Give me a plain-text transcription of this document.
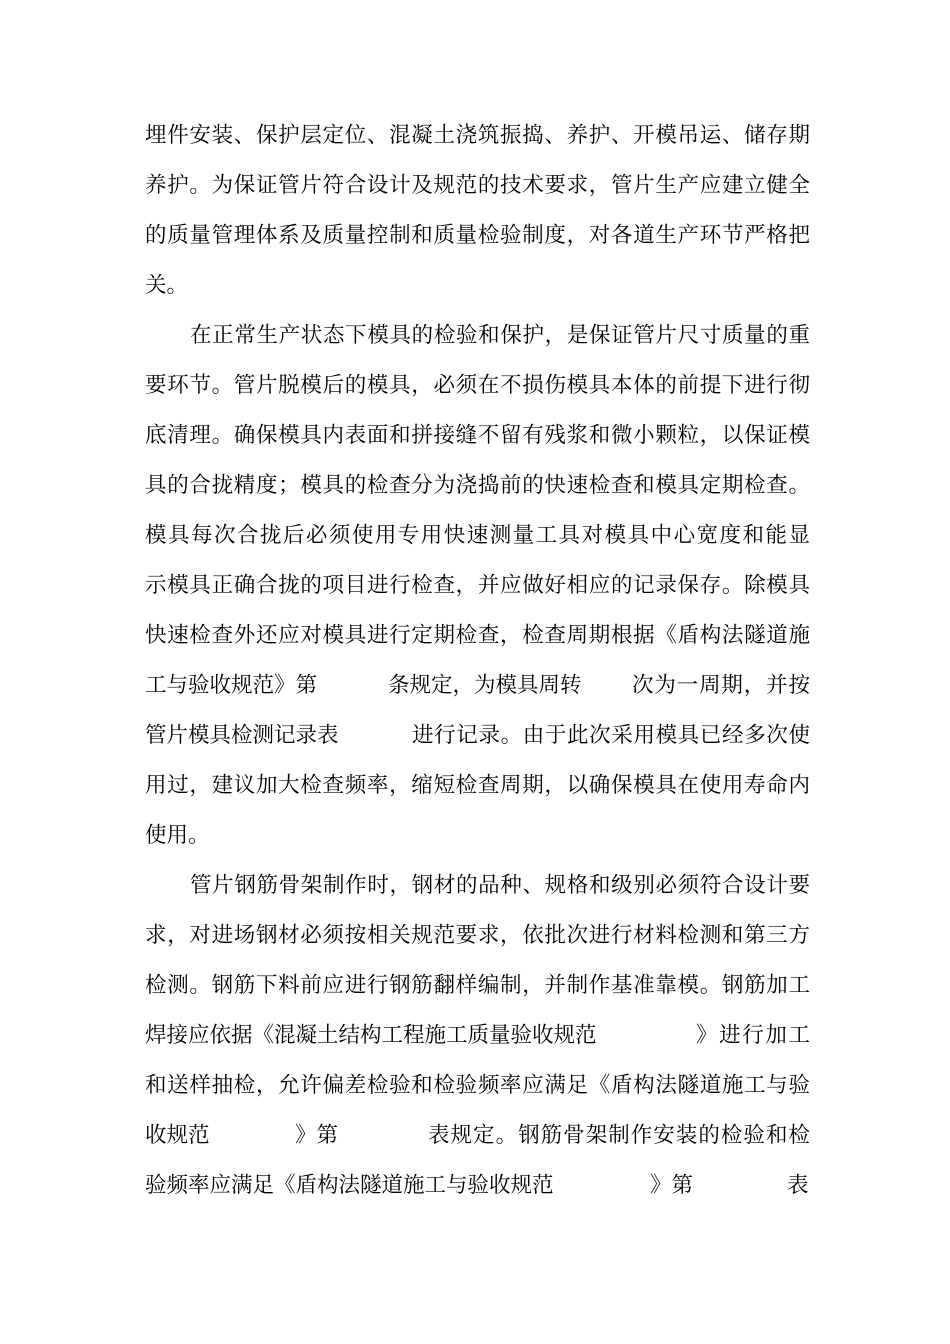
埋件安装、保护层定位、混凝土浇筑振捣、养护、开模吊运、储存期
养护。为保证管片符合设计及规范的技术要求，管片生产应建立健全
的质量管理体系及质量控制和质量检验制度，对各道生产环节严格把
关。
在正常生产状态下模具的检验和保护，是保证管片尺寸质量的重
要环节。管片脱模后的模具，必须在不损伤模具本体的前提下进行彻
底清理。确保模具内表面和拼接缝不留有残浆和微小颗粒，以保证模
具的合拢精度；模具的检查分为浇捣前的快速检查和模具定期检查。
模具每次合拢后必须使用专用快速测量工具对模具中心宽度和能显
示模具正确合拢的项目进行检查，并应做好相应的记录保存。除模具
快速检查外还应对模具进行定期检查，检查周期根据《盾构法隧道施
工与验收规范》第	条规定，为模具周转 次为一周期，并按
管片模具检测记录表	进行记录。由于此次采用模具已经多次使
用过，建议加大检查频率，缩短检查周期，以确保模具在使用寿命内
使用。
管片钢筋骨架制作时，钢材的品种、规格和级别必须符合设计要
求，对进场钢材必须按相关规范要求，依批次进行材料检测和第三方
检测。钢筋下料前应进行钢筋翻样编制，并制作基准靠模。钢筋加工
焊接应依据《混凝土结构工程施工质量验收规范	》进行加工
和送样抽检，允许偏差检验和检验频率应满足《盾构法隧道施工与验
收规范	》第	表规定。钢筋骨架制作安装的检验和检
验频率应满足《盾构法隧道施工与验收规范	》第	表
